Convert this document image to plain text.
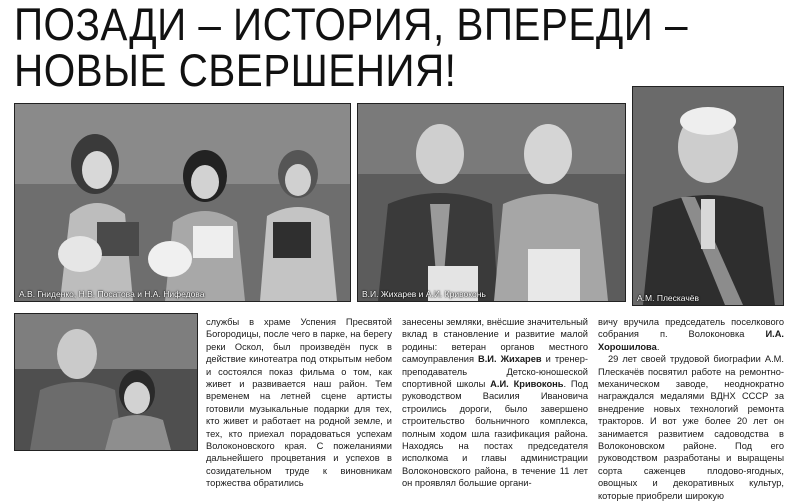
ПОЗАДИ – ИСТОРИЯ, ВПЕРЕДИ –
НОВЫЕ СВЕРШЕНИЯ!
А.В. Гниденко, Н.В. Посатова и Н.А. Нифедова	В.И. Жихарев и А.И. Кривоконь	А.М. Плескачёв

службы в храме Успения Пресвятой Богородицы, после чего в парке, на берегу реки Оскол, был произведён пуск в действие кинотеатра под открытым небом и состоялся показ фильма о том, как живет и развивается наш район. Тем временем на летней сцене артисты готовили музыкальные подарки для тех, кто живет и работает на родной земле, и тех, кто приехал порадоваться успехам Волоконовского края. С пожеланиями дальнейшего процветания и успехов в созидательном труде к виновникам торжества обратились

занесены земляки, внёсшие значительный вклад в становление и развитие малой родины: ветеран органов местного самоуправления В.И. Жихарев и тренер-преподаватель Детско-юношеской спортивной школы А.И. Кривоконь. Под руководством Василия Ивановича строились дороги, было завершено строительство больничного комплекса, полным ходом шла газификация района. Находясь на постах председателя исполкома и главы администрации Волоконовского района, в течение 11 лет он проявлял большие органи-

вичу вручила председатель поселкового собрания п. Волоконовка И.А. Хорошилова.

29 лет своей трудовой биографии А.М. Плескачёв посвятил работе на ремонтно-механическом заводе, неоднократно награждался медалями ВДНХ СССР за внедрение новых технологий ремонта тракторов. И вот уже более 20 лет он занимается развитием садоводства в Волоконовском районе. Под его руководством разработаны и выращены сорта саженцев плодово-ягодных, овощных и декоративных культур, которые приобрели широкую
